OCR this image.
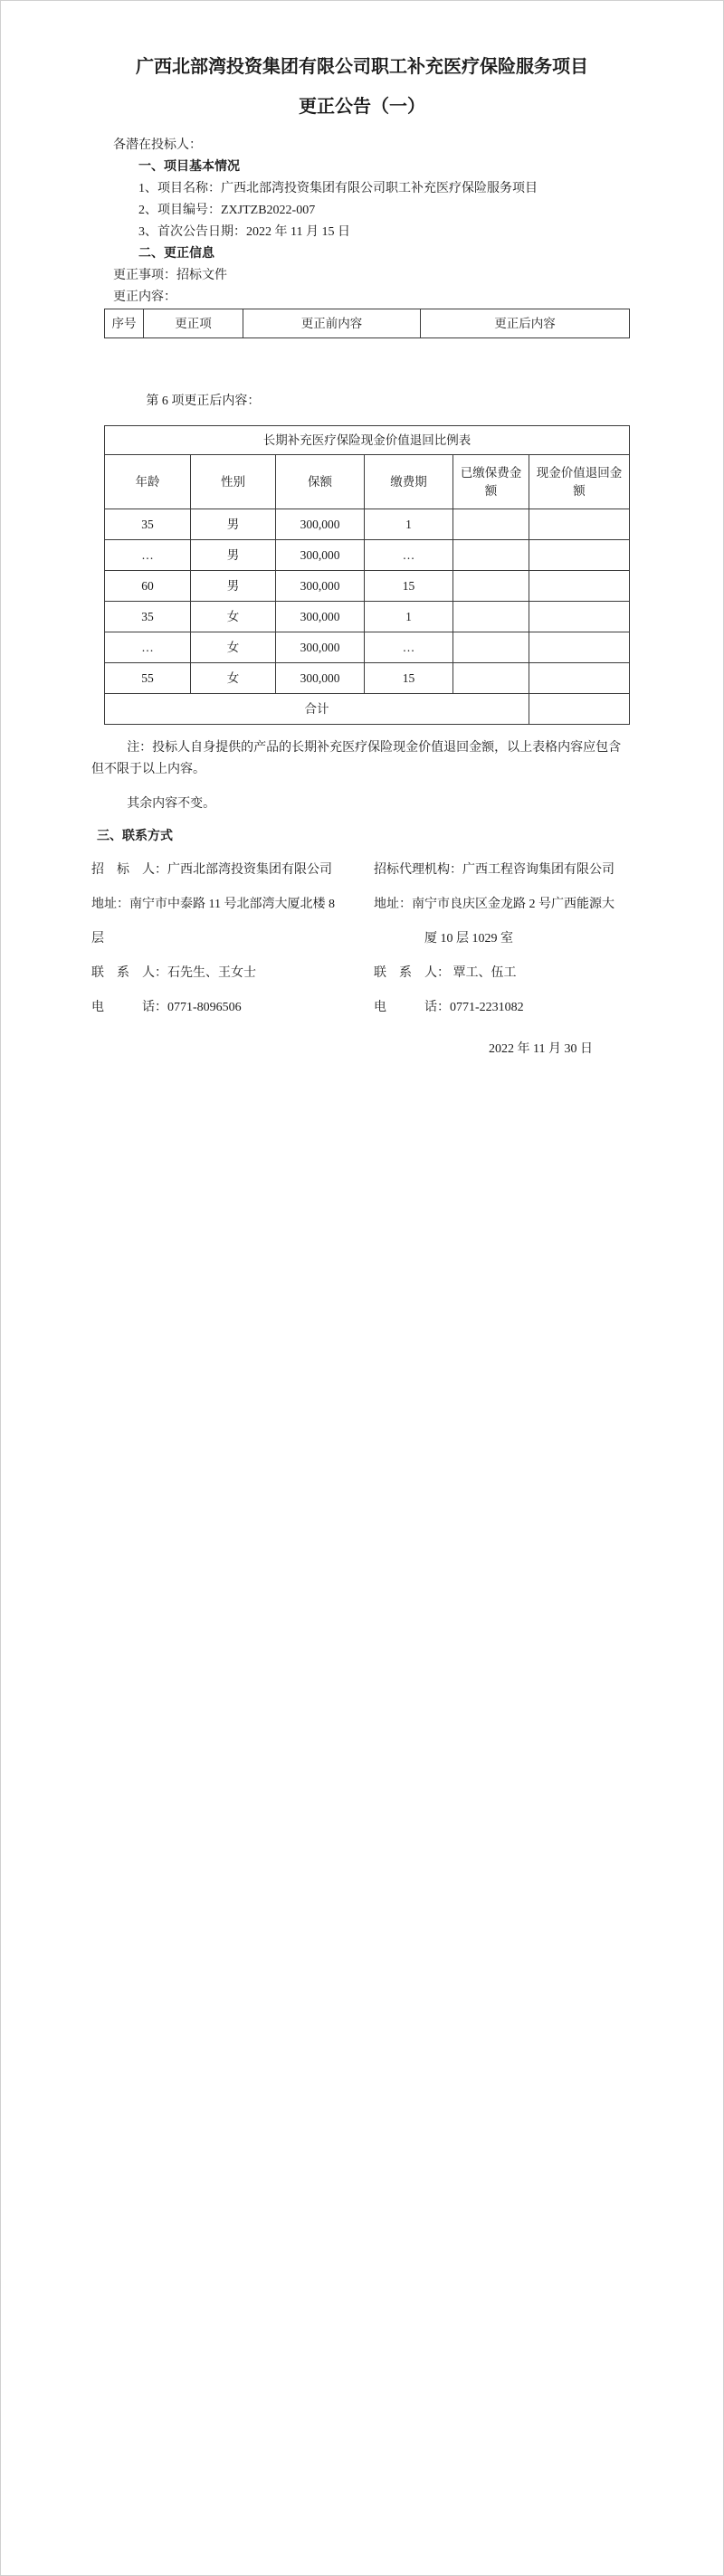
广西北部湾投资集团有限公司职工补充医疗保险服务项目
更正公告（一）

各潜在投标人：

一、项目基本情况

1、项目名称：广西北部湾投资集团有限公司职工补充医疗保险服务项目

2、项目编号：ZXJTZB2022-007

3、首次公告日期：2022 年 11 月 15 日

二、更正信息

更正事项：招标文件

更正内容：

序号	更正项	更正前内容	更正后内容

第 6 项更正后内容：

长期补充医疗保险现金价值退回比例表					
年龄	性别	保额	缴费期	已缴保费金额	现金价值退回金额
35	男	300,000	1		
…	男	300,000	…		
60	男	300,000	15		
35	女	300,000	1		
…	女	300,000	…		
55	女	300,000	15		
合计					

注：投标人自身提供的产品的长期补充医疗保险现金价值退回金额，以上表格内容应包含但不限于以上内容。

其余内容不变。

三、联系方式

招　标　人：广西北部湾投资集团有限公司
地址：南宁市中泰路 11 号北部湾大厦北楼 8
层
联　系　人：石先生、王女士
电　　　话：0771-8096506
招标代理机构：广西工程咨询集团有限公司
地址：南宁市良庆区金龙路 2 号广西能源大
　　　　厦 10 层 1029 室
联　系　人： 覃工、伍工
电　　　话：0771-2231082

2022 年 11 月 30 日
